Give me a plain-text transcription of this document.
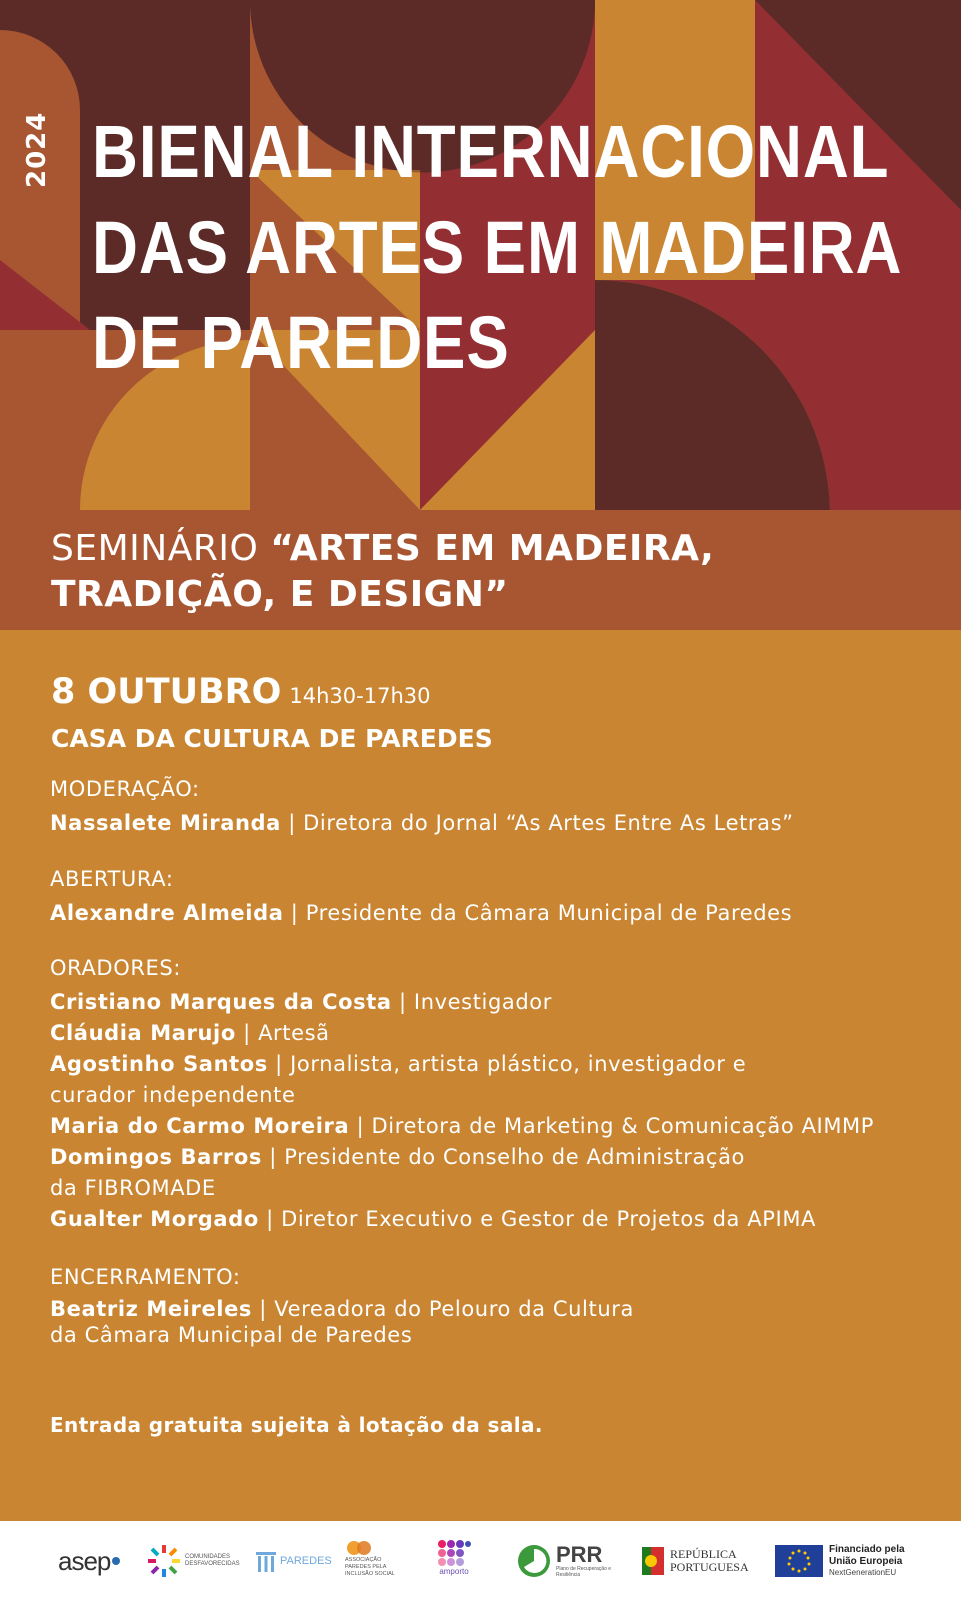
2024 BIENAL INTERNACIONAL
DAS ARTES EM MADEIRA
DE PAREDES
SEMINÁRIO “ARTES EM MADEIRA,
TRADIÇÃO, E DESIGN”
8 OUTUBRO 14h30-17h30
CASA DA CULTURA DE PAREDES
MODERAÇÃO:
Nassalete Miranda | Diretora do Jornal “As Artes Entre As Letras”
ABERTURA:
Alexandre Almeida | Presidente da Câmara Municipal de Paredes
ORADORES:
Cristiano Marques da Costa | Investigador
Cláudia Marujo | Artesã
Agostinho Santos | Jornalista, artista plástico, investigador e
curador independente
Maria do Carmo Moreira | Diretora de Marketing & Comunicação AIMMP
Domingos Barros | Presidente do Conselho de Administração
da FIBROMADE
Gualter Morgado | Diretor Executivo e Gestor de Projetos da APIMA
ENCERRAMENTO:
Beatriz Meireles | Vereadora do Pelouro da Cultura
da Câmara Municipal de Paredes
Entrada gratuita sujeita à lotação da sala.
asep	COMUNIDADES DESFAVORECIDAS	PAREDES ASSOCIAÇÃO PAREDES PELA INCLUSÃO SOCIAL	amporto
PRR
Plano de Recuperação e Resiliência
REPÚBLICA PORTUGUESA
Financiado pela
União Europeia
NextGenerationEU
